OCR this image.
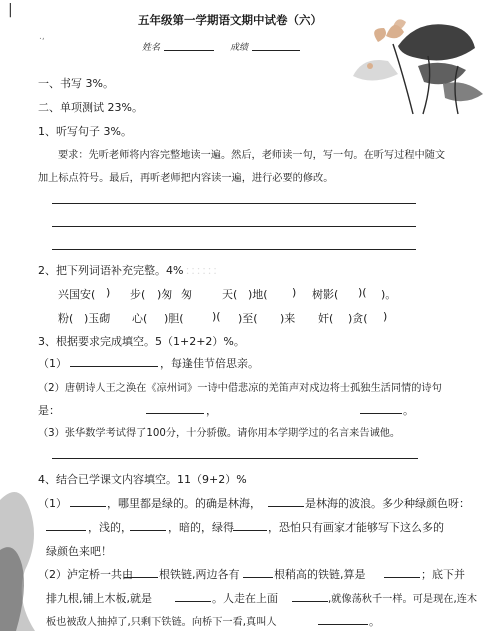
|
.,
五年级第一学期语文期中试卷（六）
姓名	成绩
一、书写 3%。
二、单项测试 23%。
1、听写句子 3%。
要求：先听老师将内容完整地读一遍。然后，老师读一句，写一句。在听写过程中随文
加上标点符号。最后，再听老师把内容读一遍，进行必要的修改。
2、把下列词语补充完整。4% ：：：：：：
兴国安( ) 步( )匆 匆	天( )地( ) 树影( )( )。
粉( )玉砌 心( )胆(	)( )至( )来 奸( )贪( )
3、根据要求完成填空。5（1+2+2）%。
（1）	，每逢佳节倍思亲。
（2）唐朝诗人王之涣在《凉州词》一诗中借悲凉的羌笛声对戍边将士孤独生活同情的诗句
是：	，	。
（3）张华数学考试得了100分，十分骄傲。请你用本学期学过的名言来告诫他。
4、结合已学课文内容填空。11（9+2）%
（1）	，哪里都是绿的。的确是林海，	是林海的波浪。多少种绿颜色呀：
，浅的，	，暗的，绿得	，恐怕只有画家才能够写下这么多的
绿颜色来吧！
（2）泸定桥一共由 根铁链,两边各有	根稍高的铁链,算是	；底下并
排九根,铺上木板,就是	。人走在上面	,就像荡秋千一样。可是现在,连木
板也被敌人抽掉了,只剩下铁链。向桥下一看,真叫人	。
